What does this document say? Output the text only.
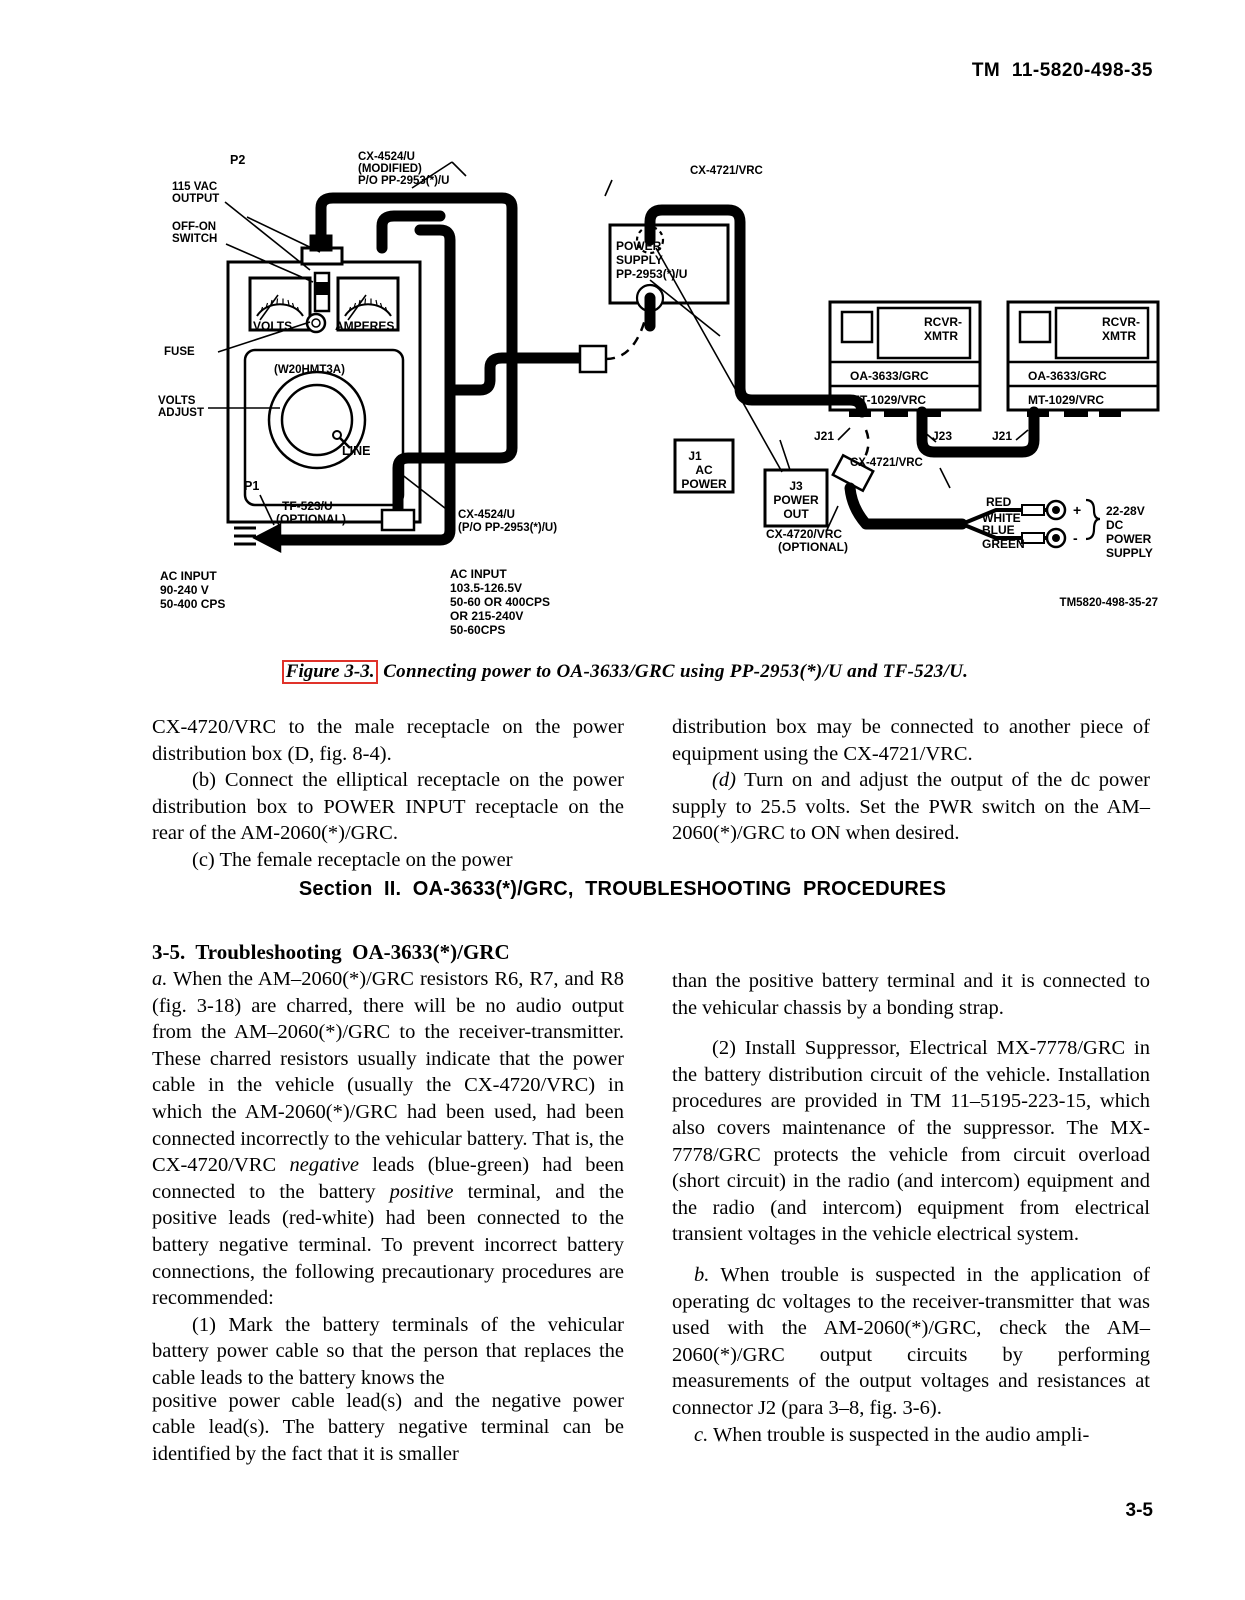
TM  11-5820-498-35
115 VAC
OUTPUT
OFF-ON
SWITCH
P2
FUSE
VOLTS
ADJUST
VOLTS	AMPERES
(W20HMT3A)
LINE
TF-523/U
(OPTIONAL)
P1
AC INPUT
90-240 V
50-400 CPS
CX-4524/U
(MODIFIED)
P/O PP-2953(*)/U
CX-4524/U
(P/O PP-2953(*)/U)
AC INPUT
103.5-126.5V
50-60 OR 400CPS
OR 215-240V
50-60CPS
POWER
SUPPLY
PP-2953(*)/U
J1
AC
POWER	J3
POWER
OUT
CX-4721/VRC
CX-4721/VRC
RCVR-
XMTR
OA-3633/GRC
MT-1029/VRC
RCVR-
XMTR
OA-3633/GRC
MT-1029/VRC
J21	J23	J21
CX-4720/VRC
(OPTIONAL)
RED
WHITE
BLUE
GREEN
+
-
22-28V
DC
POWER
SUPPLY
TM5820-498-35-27
Figure 3-3. Connecting power to OA-3633/GRC using PP-2953(*)/U and TF-523/U.

CX-4720/VRC to the male receptacle on the power distribution box (D, fig. 8-4).

(b) Connect the elliptical receptacle on the power distribution box to POWER INPUT receptacle on the rear of the AM-2060(*)/GRC.

(c) The female receptacle on the power

distribution box may be connected to another piece of equipment using the CX-4721/VRC.

(d) Turn on and adjust the output of the dc power supply to 25.5 volts. Set the PWR switch on the AM–2060(*)/GRC to ON when desired.

Section  II.  OA-3633(*)/GRC,  TROUBLESHOOTING  PROCEDURES

3-5.  Troubleshooting  OA-3633(*)/GRC

a. When the AM–2060(*)/GRC resistors R6, R7, and R8 (fig. 3-18) are charred, there will be no audio output from the AM–2060(*)/GRC to the receiver-transmitter. These charred resistors usually indicate that the power cable in the vehicle (usually the CX-4720/VRC) in which the AM-2060(*)/GRC had been used, had been connected incorrectly to the vehicular battery. That is, the CX-4720/VRC negative leads (blue-green) had been connected to the battery positive terminal, and the positive leads (red-white) had been connected to the battery negative terminal. To prevent incorrect battery connections, the following precautionary procedures are recommended:

(1) Mark the battery terminals of the vehicular battery power cable so that the person that replaces the cable leads to the battery knows the

positive power cable lead(s) and the negative power cable lead(s). The battery negative terminal can be identified by the fact that it is smaller

than the positive battery terminal and it is connected to the vehicular chassis by a bonding strap.

(2) Install Suppressor, Electrical MX-7778/GRC in the battery distribution circuit of the vehicle. Installation procedures are provided in TM 11–5195-223-15, which also covers maintenance of the suppressor. The MX-7778/GRC protects the vehicle from circuit overload (short circuit) in the radio (and intercom) equipment and the radio (and intercom) equipment from electrical transient voltages in the vehicle electrical system.

b. When trouble is suspected in the application of operating dc voltages to the receiver-transmitter that was used with the AM-2060(*)/GRC, check the AM–2060(*)/GRC output circuits by performing measurements of the output voltages and resistances at connector J2 (para 3–8, fig. 3-6).

c. When trouble is suspected in the audio ampli-

3-5
